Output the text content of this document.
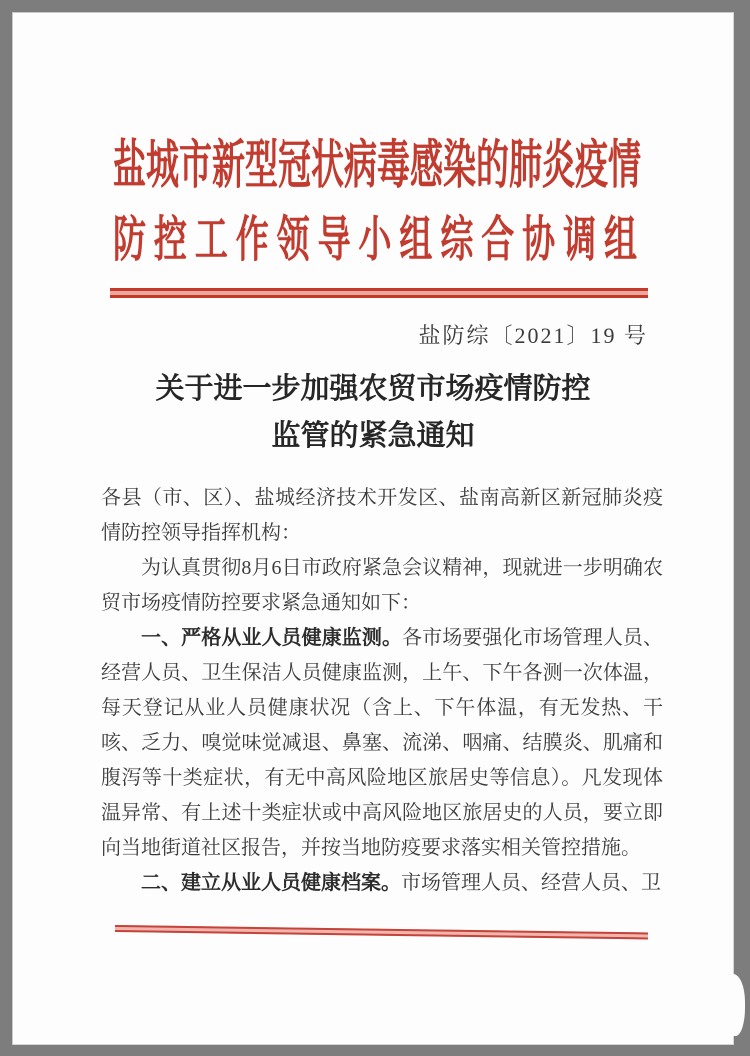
盐城市新型冠状病毒感染的肺炎疫情
防控工作领导小组综合协调组
盐防综〔2021〕19 号
关于进一步加强农贸市场疫情防控
监管的紧急通知

各县（市、区）、盐城经济技术开发区、盐南高新区新冠肺炎疫情防控领导指挥机构：

为认真贯彻8月6日市政府紧急会议精神，现就进一步明确农贸市场疫情防控要求紧急通知如下：

一、严格从业人员健康监测。各市场要强化市场管理人员、经营人员、卫生保洁人员健康监测，上午、下午各测一次体温，每天登记从业人员健康状况（含上、下午体温，有无发热、干咳、乏力、嗅觉味觉减退、鼻塞、流涕、咽痛、结膜炎、肌痛和腹泻等十类症状，有无中高风险地区旅居史等信息）。凡发现体温异常、有上述十类症状或中高风险地区旅居史的人员，要立即向当地街道社区报告，并按当地防疫要求落实相关管控措施。

二、建立从业人员健康档案。市场管理人员、经营人员、卫
